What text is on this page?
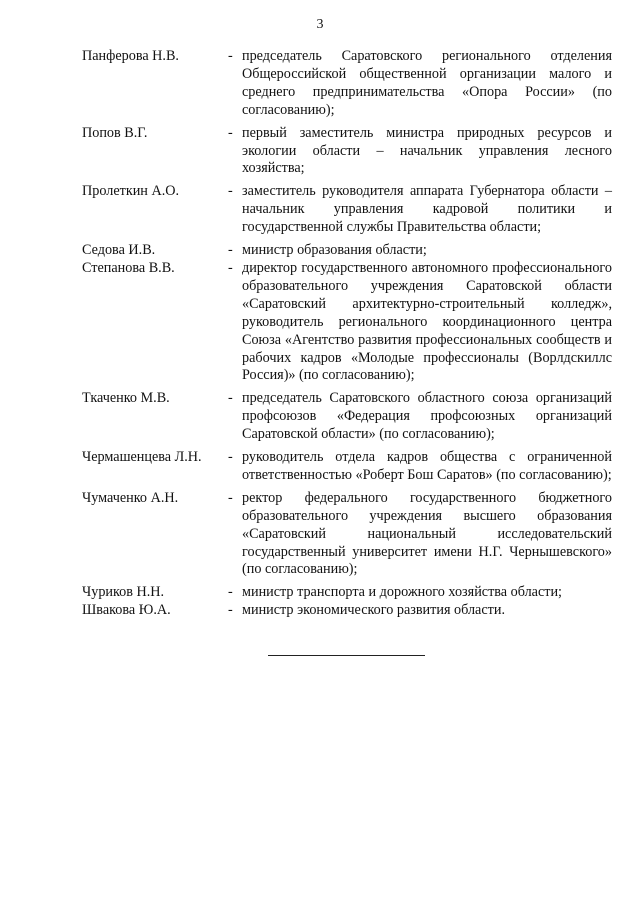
3
Панферова Н.В.	- председатель Саратовского регионального отделения Общероссийской общественной организации малого и среднего предпринимательства «Опора России» (по согласованию);
Попов В.Г.	- первый заместитель министра природных ресурсов и экологии области – начальник управления лесного хозяйства;
Пролеткин А.О.	- заместитель руководителя аппарата Губернатора области – начальник управления кадровой политики и государственной службы Правительства области;
Седова И.В.	- министр образования области;
Степанова В.В.	- директор государственного автономного профессионального образовательного учреждения Саратовской области «Саратовский архитектурно-строительный колледж», руководитель регионального координационного центра Союза «Агентство развития профессиональных сообществ и рабочих кадров «Молодые профессионалы (Ворлдскиллс Россия)» (по согласованию);
Ткаченко М.В.	- председатель Саратовского областного союза организаций профсоюзов «Федерация профсоюзных организаций Саратовской области» (по согласованию);
Чермашенцева Л.Н.	- руководитель отдела кадров общества с ограниченной ответственностью «Роберт Бош Саратов» (по согласованию);
Чумаченко А.Н.	- ректор федерального государственного бюджетного образовательного учреждения высшего образования «Саратовский национальный исследовательский государственный университет имени Н.Г. Чернышевского» (по согласованию);
Чуриков Н.Н.	- министр транспорта и дорожного хозяйства области;
Швакова Ю.А.	- министр экономического развития области.
